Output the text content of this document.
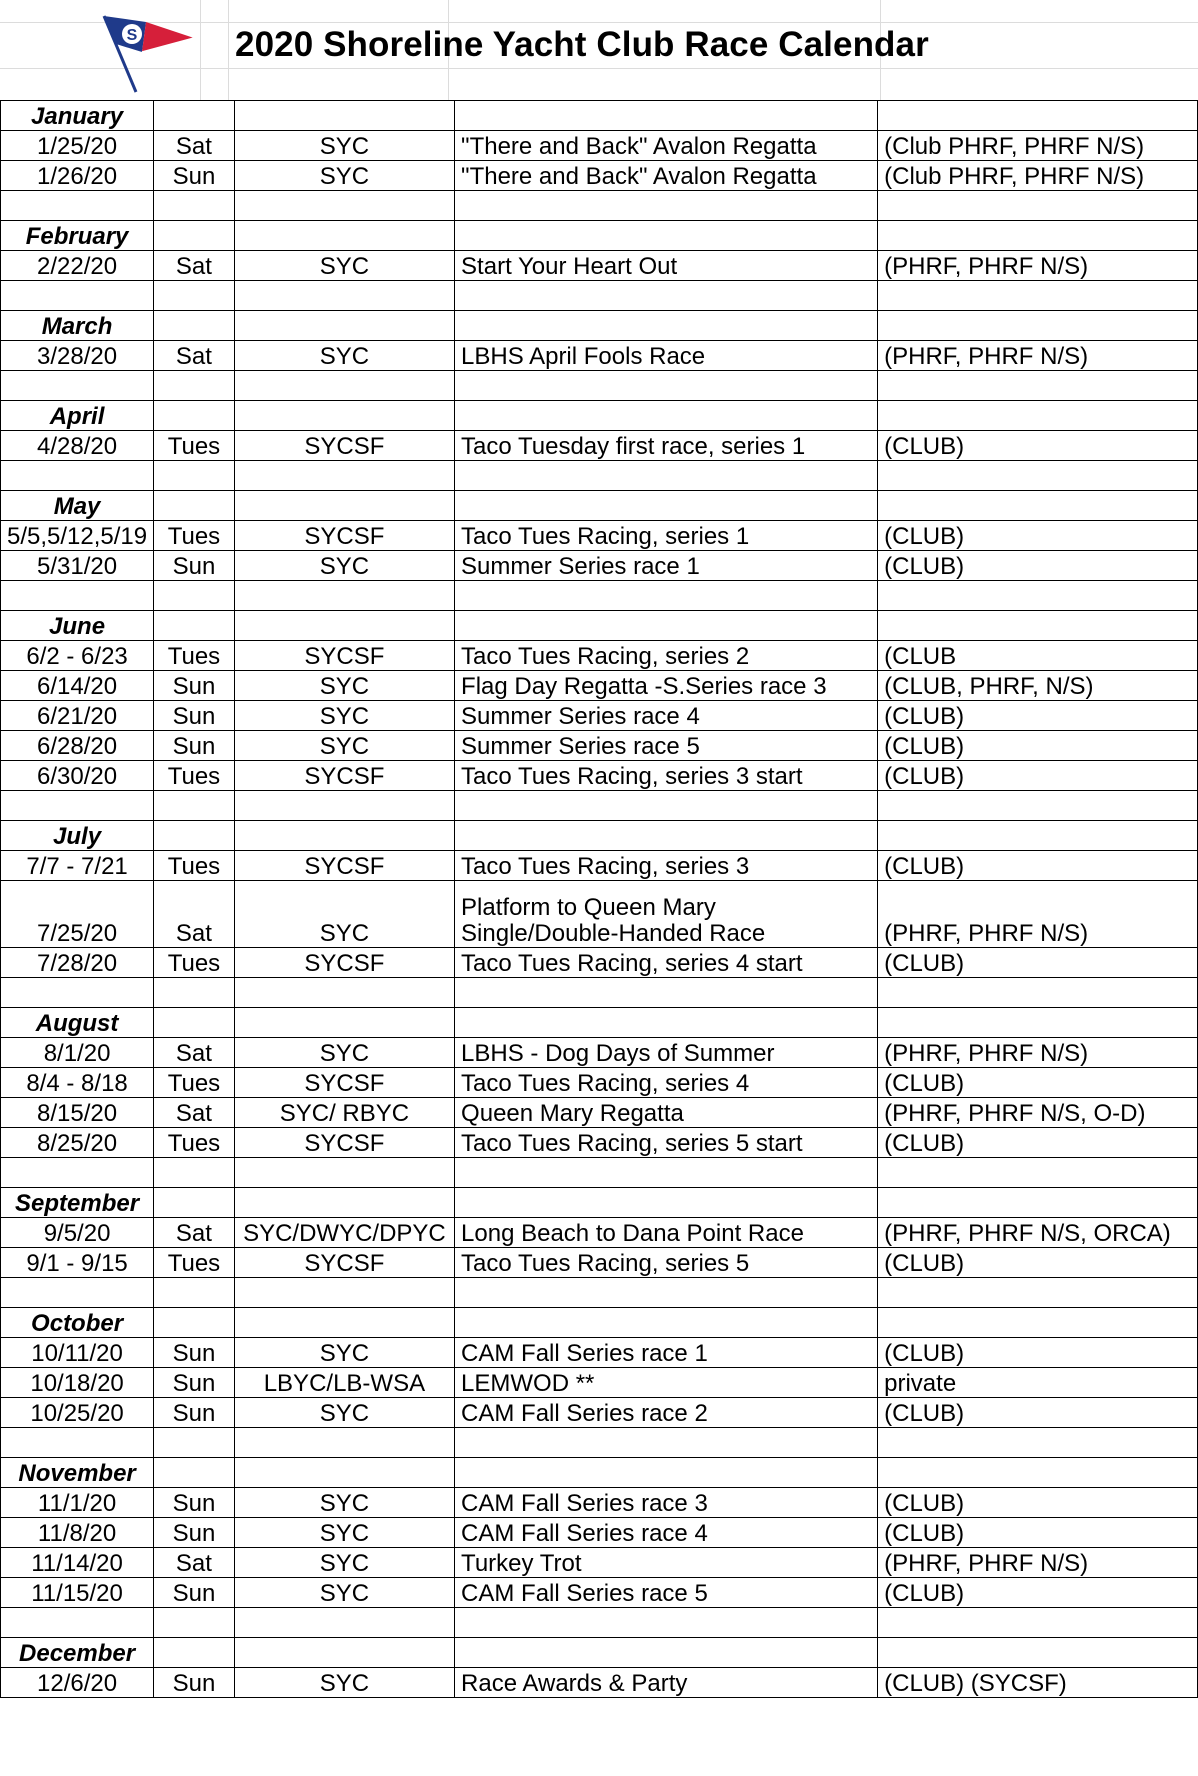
S	2020 Shoreline Yacht Club Race Calendar
January				
1/25/20	Sat	SYC	"There and Back" Avalon Regatta	(Club PHRF, PHRF N/S)
1/26/20	Sun	SYC	"There and Back" Avalon Regatta	(Club PHRF, PHRF N/S)

February				
2/22/20	Sat	SYC	Start Your Heart Out	(PHRF, PHRF N/S)

March				
3/28/20	Sat	SYC	LBHS April Fools Race	(PHRF, PHRF N/S)

April				
4/28/20	Tues	SYCSF	Taco Tuesday first race, series 1	(CLUB)

May				
5/5,5/12,5/19	Tues	SYCSF	Taco Tues Racing, series 1	(CLUB)
5/31/20	Sun	SYC	Summer Series race 1	(CLUB)

June				
6/2 - 6/23	Tues	SYCSF	Taco Tues Racing, series 2	(CLUB
6/14/20	Sun	SYC	Flag Day Regatta -S.Series race 3	(CLUB, PHRF, N/S)
6/21/20	Sun	SYC	Summer Series race 4	(CLUB)
6/28/20	Sun	SYC	Summer Series race 5	(CLUB)
6/30/20	Tues	SYCSF	Taco Tues Racing, series 3 start	(CLUB)

July				
7/7 - 7/21	Tues	SYCSF	Taco Tues Racing, series 3	(CLUB)
7/25/20	Sat	SYC	Platform to Queen Mary
Single/Double-Handed Race	(PHRF, PHRF N/S)
7/28/20	Tues	SYCSF	Taco Tues Racing, series 4 start	(CLUB)

August				
8/1/20	Sat	SYC	LBHS - Dog Days of Summer	(PHRF, PHRF N/S)
8/4 - 8/18	Tues	SYCSF	Taco Tues Racing, series 4	(CLUB)
8/15/20	Sat	SYC/ RBYC	Queen Mary Regatta	(PHRF, PHRF N/S, O-D)
8/25/20	Tues	SYCSF	Taco Tues Racing, series 5 start	(CLUB)

September				
9/5/20	Sat	SYC/DWYC/DPYC	Long Beach to Dana Point Race	(PHRF, PHRF N/S, ORCA)
9/1 - 9/15	Tues	SYCSF	Taco Tues Racing, series 5	(CLUB)

October				
10/11/20	Sun	SYC	CAM Fall Series race 1	(CLUB)
10/18/20	Sun	LBYC/LB-WSA	LEMWOD **	private
10/25/20	Sun	SYC	CAM Fall Series race 2	(CLUB)

November				
11/1/20	Sun	SYC	CAM Fall Series race 3	(CLUB)
11/8/20	Sun	SYC	CAM Fall Series race 4	(CLUB)
11/14/20	Sat	SYC	Turkey Trot	(PHRF, PHRF N/S)
11/15/20	Sun	SYC	CAM Fall Series race 5	(CLUB)

December				
12/6/20	Sun	SYC	Race Awards & Party	(CLUB) (SYCSF)
